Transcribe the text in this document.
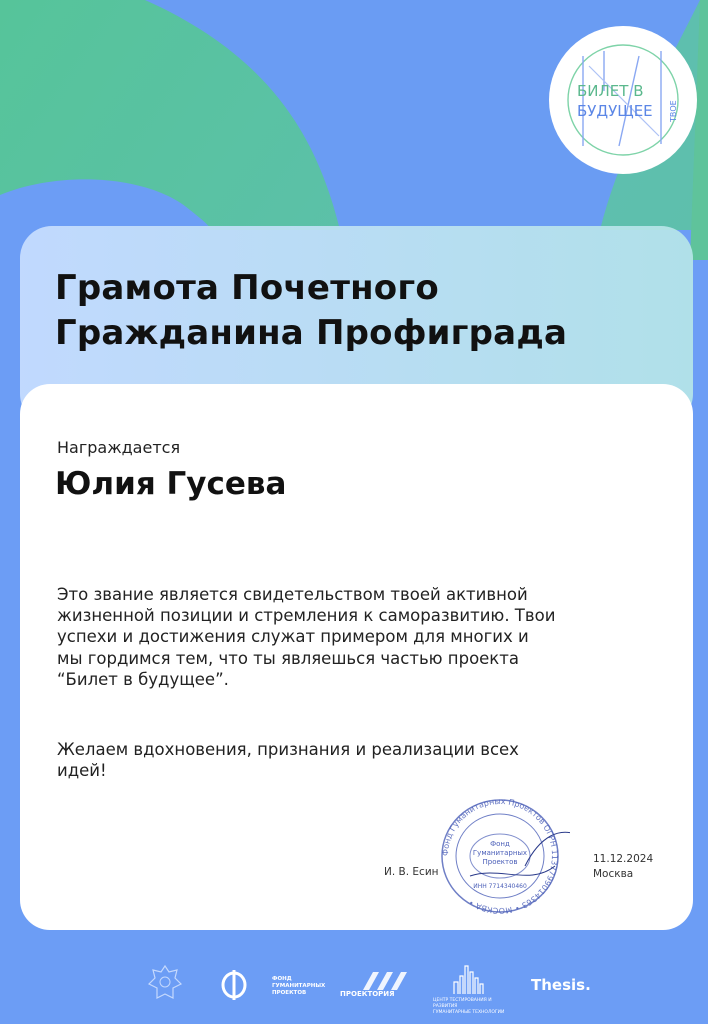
БИЛЕТ В
БУДУЩЕЕ ТВОЕ
Грамота Почетного
Гражданина Профиграда
Награждается
Юлия Гусева

Это звание является свидетельством твоей активной жизненной позиции и стремления к саморазвитию. Твои успехи и достижения служат примером для многих и мы гордимся тем, что ты являешься частью проекта “Билет в будущее”.

Желаем вдохновения, признания и реализации всех идей!

Фонд Гуманитарных Проектов ОГРН 1137799014363 • МОСКВА •
Фонд
Гуманитарных
Проектов
ИНН 7714340460
И. В. Есин
11.12.2024
Москва
ФОНД
ГУМАНИТАРНЫХ
ПРОЕКТОВ	ПРОЕКТОРИЯ
ЦЕНТР ТЕСТИРОВАНИЯ И РАЗВИТИЯ
ГУМАНИТАРНЫЕ ТЕХНОЛОГИИ
Thesis.
